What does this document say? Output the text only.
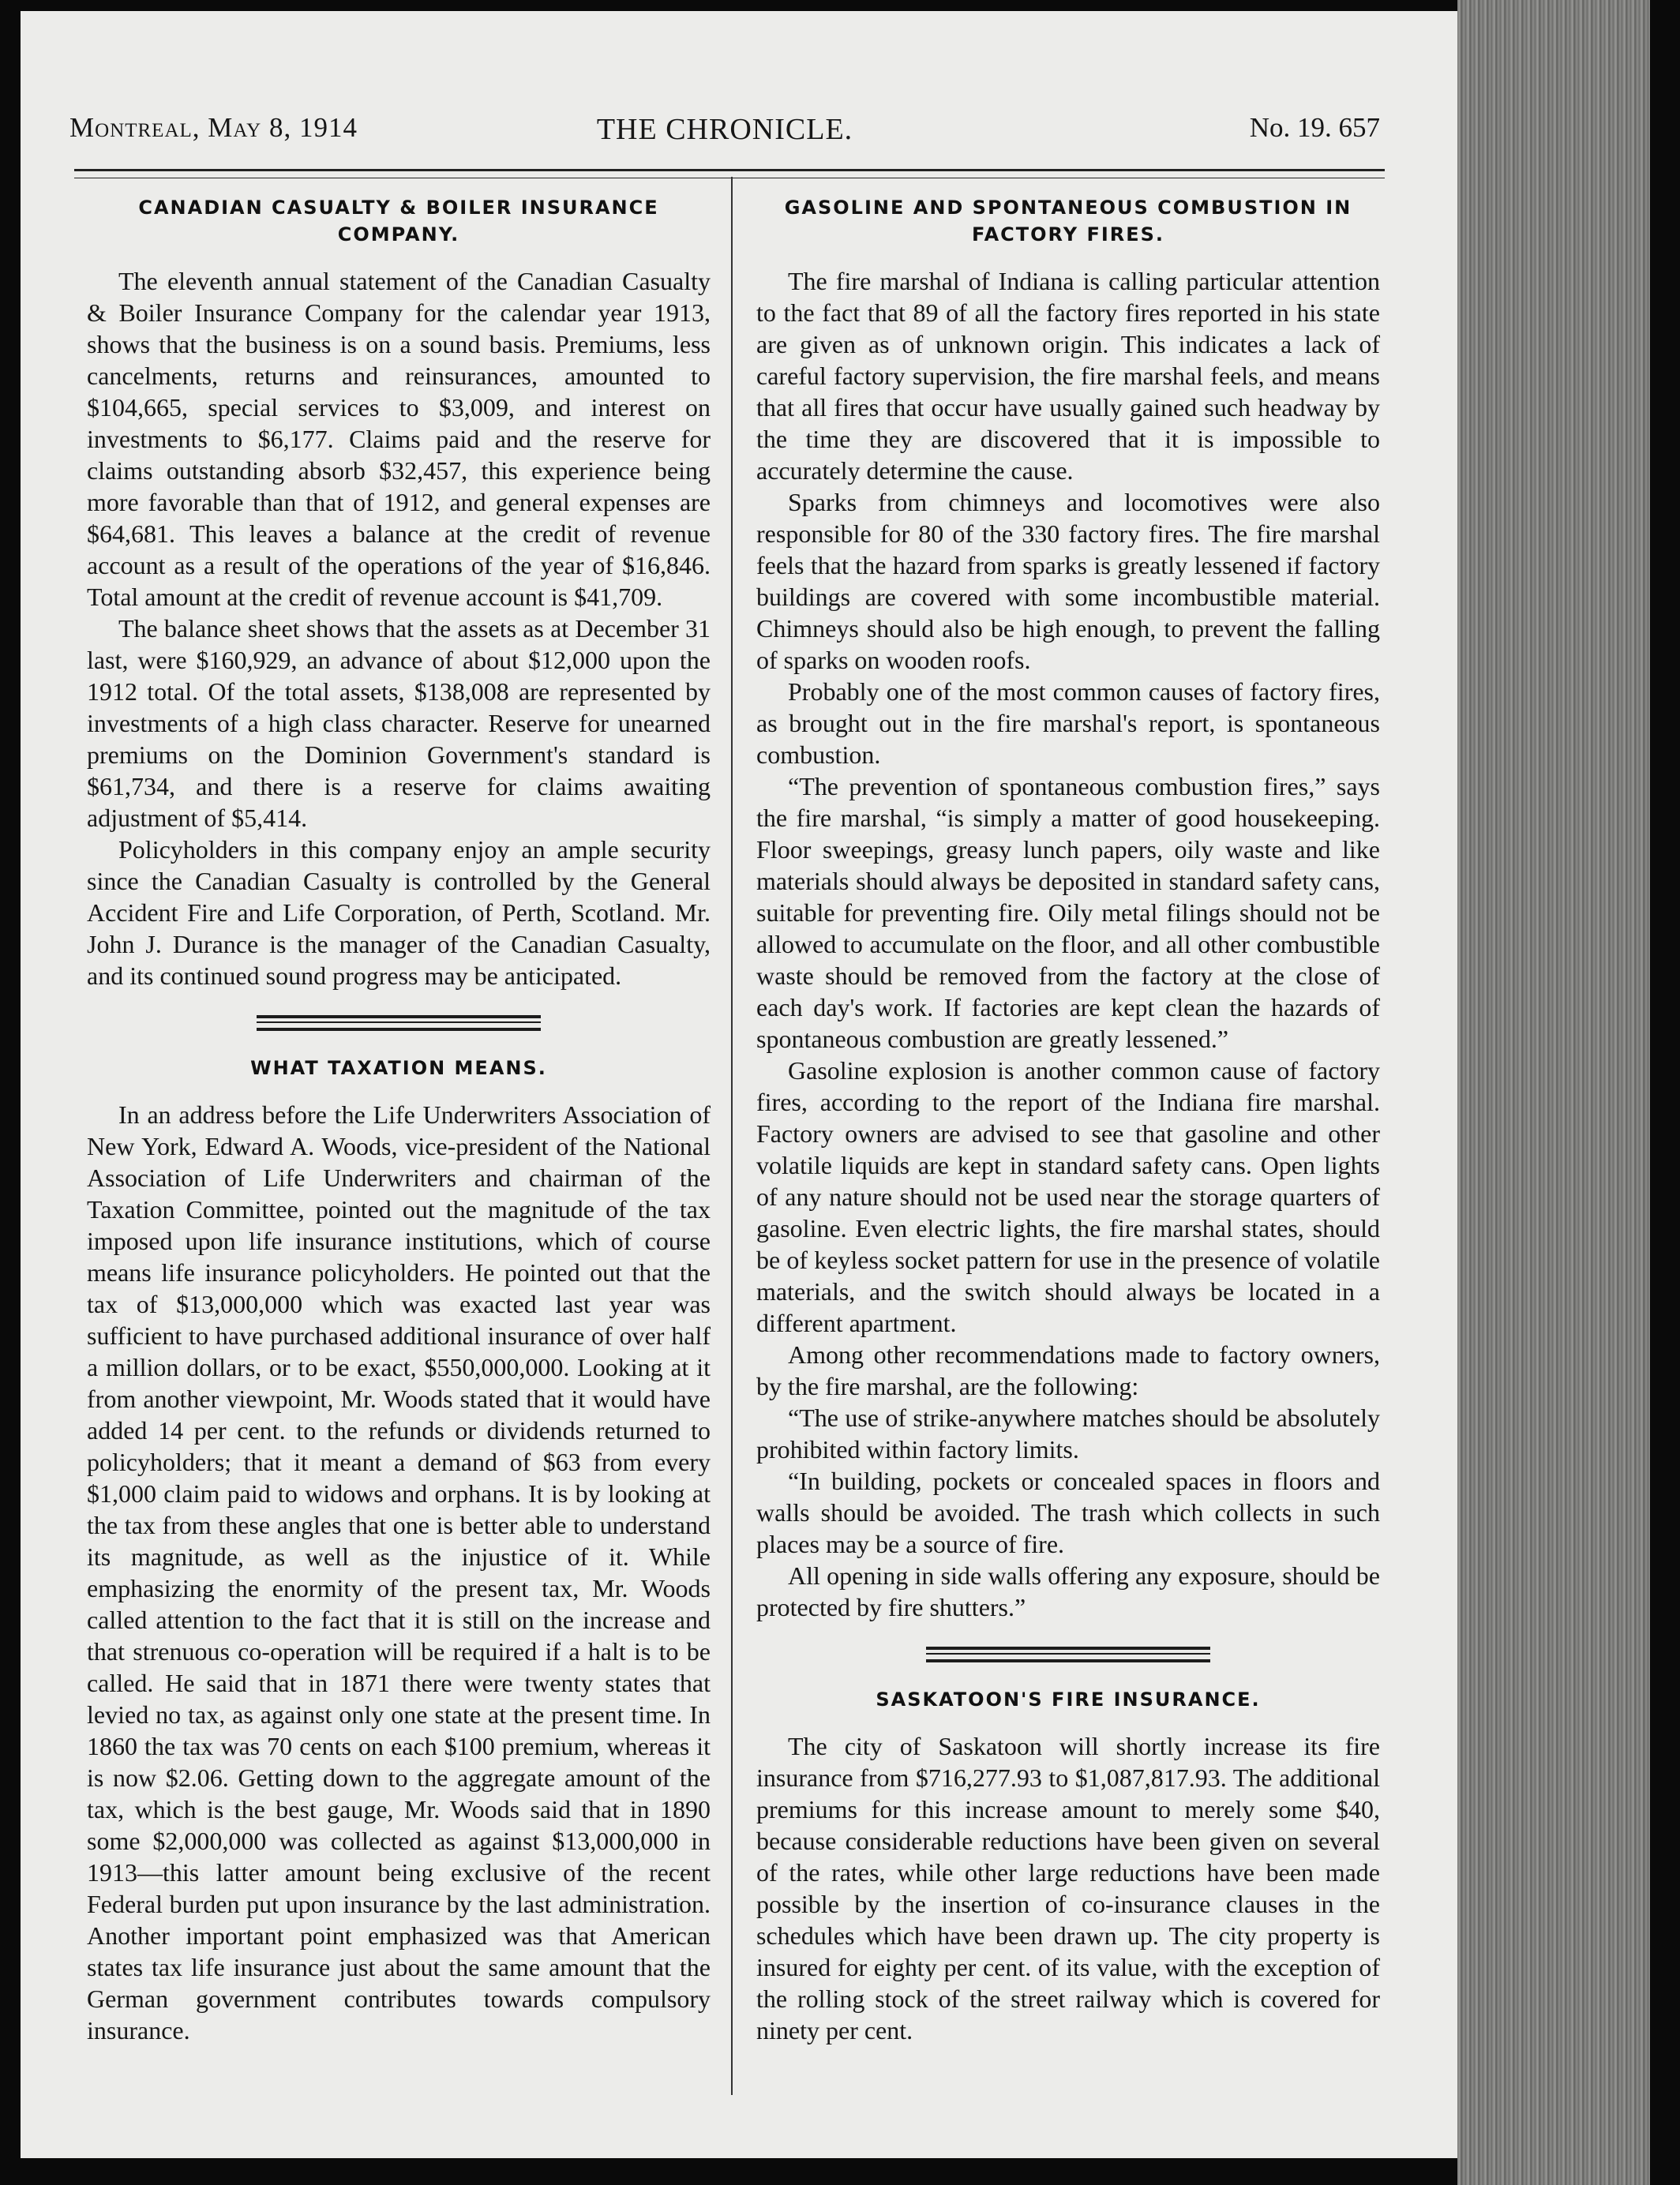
Montreal, May 8, 1914	THE CHRONICLE.	No. 19. 657
CANADIAN CASUALTY & BOILER INSURANCE COMPANY.

The eleventh annual statement of the Canadian Casualty & Boiler Insurance Company for the calendar year 1913, shows that the business is on a sound basis. Premiums, less cancelments, returns and reinsurances, amounted to $104,665, special services to $3,009, and interest on investments to $6,177. Claims paid and the reserve for claims outstanding absorb $32,457, this experience being more favorable than that of 1912, and general expenses are $64,681. This leaves a balance at the credit of revenue account as a result of the operations of the year of $16,846. Total amount at the credit of revenue account is $41,709.

The balance sheet shows that the assets as at December 31 last, were $160,929, an advance of about $12,000 upon the 1912 total. Of the total assets, $138,008 are represented by investments of a high class character. Reserve for unearned premiums on the Dominion Government's standard is $61,734, and there is a reserve for claims awaiting adjustment of $5,414.

Policyholders in this company enjoy an ample security since the Canadian Casualty is controlled by the General Accident Fire and Life Corporation, of Perth, Scotland. Mr. John J. Durance is the manager of the Canadian Casualty, and its continued sound progress may be anticipated.

WHAT TAXATION MEANS.

In an address before the Life Underwriters Association of New York, Edward A. Woods, vice-president of the National Association of Life Underwriters and chairman of the Taxation Committee, pointed out the magnitude of the tax imposed upon life insurance institutions, which of course means life insurance policyholders. He pointed out that the tax of $13,000,000 which was exacted last year was sufficient to have purchased additional insurance of over half a million dollars, or to be exact, $550,000,000. Looking at it from another viewpoint, Mr. Woods stated that it would have added 14 per cent. to the refunds or dividends returned to policyholders; that it meant a demand of $63 from every $1,000 claim paid to widows and orphans. It is by looking at the tax from these angles that one is better able to understand its magnitude, as well as the injustice of it. While emphasizing the enormity of the present tax, Mr. Woods called attention to the fact that it is still on the increase and that strenuous co-operation will be required if a halt is to be called. He said that in 1871 there were twenty states that levied no tax, as against only one state at the present time. In 1860 the tax was 70 cents on each $100 premium, whereas it is now $2.06. Getting down to the aggregate amount of the tax, which is the best gauge, Mr. Woods said that in 1890 some $2,000,000 was collected as against $13,000,000 in 1913—this latter amount being exclusive of the recent Federal burden put upon insurance by the last administration. Another important point emphasized was that American states tax life insurance just about the same amount that the German government contributes towards compulsory insurance.

GASOLINE AND SPONTANEOUS COMBUSTION IN FACTORY FIRES.

The fire marshal of Indiana is calling particular attention to the fact that 89 of all the factory fires reported in his state are given as of unknown origin. This indicates a lack of careful factory supervision, the fire marshal feels, and means that all fires that occur have usually gained such headway by the time they are discovered that it is impossible to accurately determine the cause.

Sparks from chimneys and locomotives were also responsible for 80 of the 330 factory fires. The fire marshal feels that the hazard from sparks is greatly lessened if factory buildings are covered with some incombustible material. Chimneys should also be high enough, to prevent the falling of sparks on wooden roofs.

Probably one of the most common causes of factory fires, as brought out in the fire marshal's report, is spontaneous combustion.

“The prevention of spontaneous combustion fires,” says the fire marshal, “is simply a matter of good housekeeping. Floor sweepings, greasy lunch papers, oily waste and like materials should always be deposited in standard safety cans, suitable for preventing fire. Oily metal filings should not be allowed to accumulate on the floor, and all other combustible waste should be removed from the factory at the close of each day's work. If factories are kept clean the hazards of spontaneous combustion are greatly lessened.”

Gasoline explosion is another common cause of factory fires, according to the report of the Indiana fire marshal. Factory owners are advised to see that gasoline and other volatile liquids are kept in standard safety cans. Open lights of any nature should not be used near the storage quarters of gasoline. Even electric lights, the fire marshal states, should be of keyless socket pattern for use in the presence of volatile materials, and the switch should always be located in a different apartment.

Among other recommendations made to factory owners, by the fire marshal, are the following:

“The use of strike-anywhere matches should be absolutely prohibited within factory limits.

“In building, pockets or concealed spaces in floors and walls should be avoided. The trash which collects in such places may be a source of fire.

All opening in side walls offering any exposure, should be protected by fire shutters.”

SASKATOON'S FIRE INSURANCE.

The city of Saskatoon will shortly increase its fire insurance from $716,277.93 to $1,087,817.93. The additional premiums for this increase amount to merely some $40, because considerable reductions have been given on several of the rates, while other large reductions have been made possible by the insertion of co-insurance clauses in the schedules which have been drawn up. The city property is insured for eighty per cent. of its value, with the exception of the rolling stock of the street railway which is covered for ninety per cent.
